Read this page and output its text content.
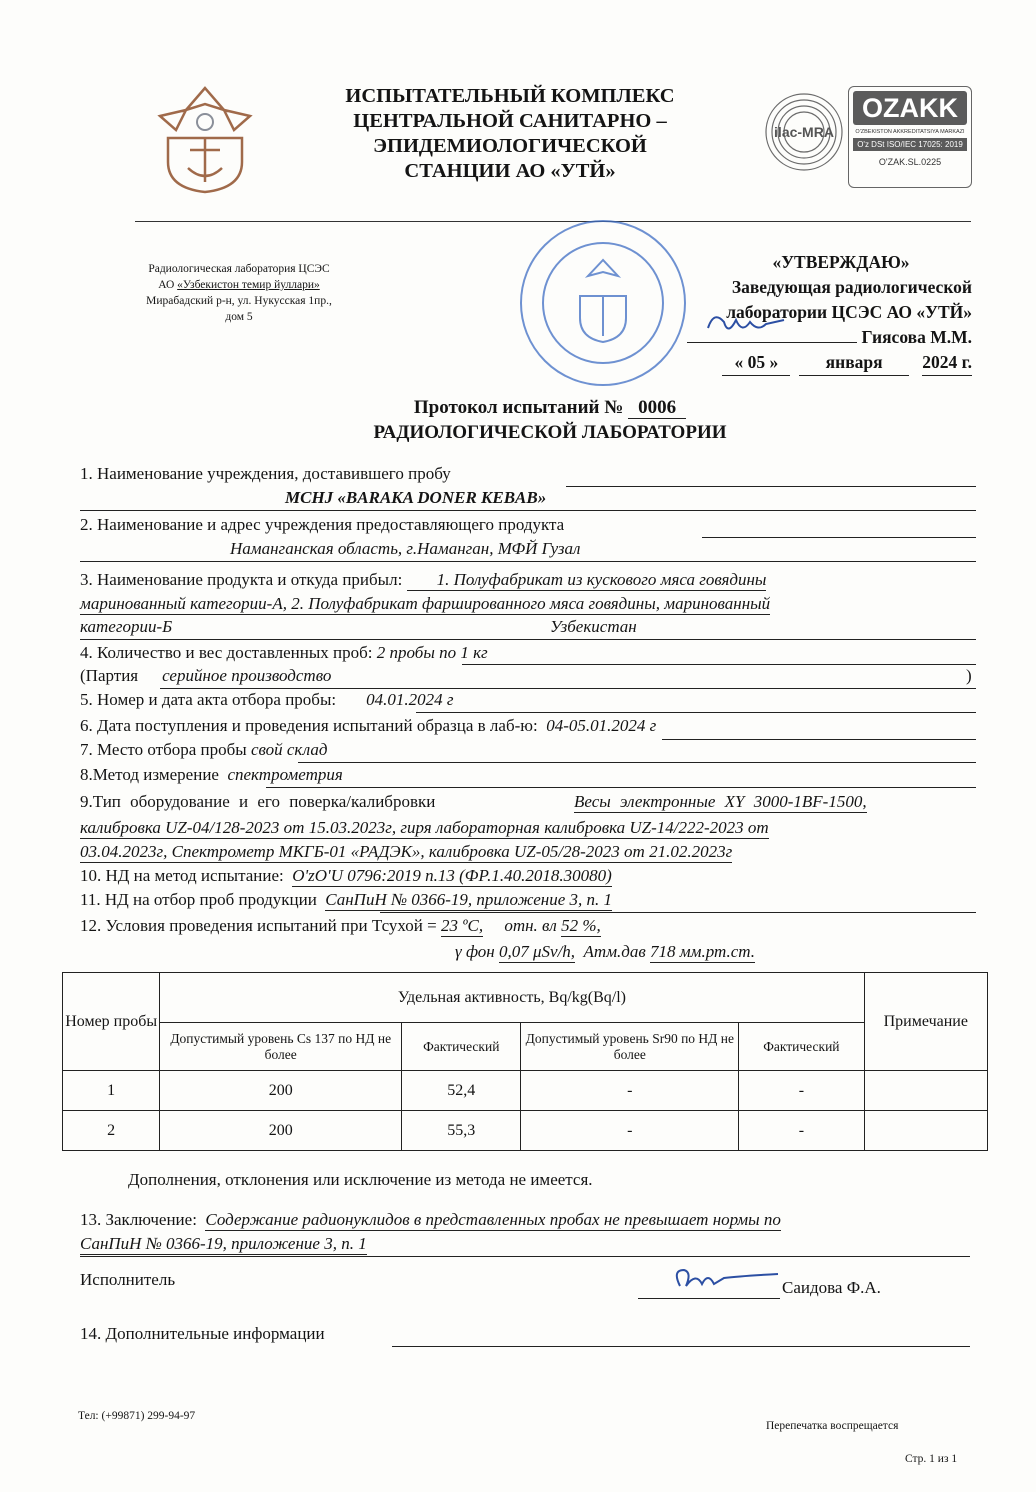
ИСПЫТАТЕЛЬНЫЙ КОМПЛЕКС
ЦЕНТРАЛЬНОЙ САНИТАРНО –
ЭПИДЕМИОЛОГИЧЕСКОЙ
СТАНЦИИ АО «УТЙ»
ilac-MRA
OZAKK
O'ZBEKISTON AKKREDITATSIYA MARKAZI
O'z DSt ISO/IEC 17025: 2019
O'ZAK.SL.0225
Радиологическая лаборатория ЦСЭС
АО «Узбекистон темир йуллари»
Мирабадский р-н, ул. Нукусская 1пр.,
дом 5
«УТВЕРЖДАЮ»
Заведующая радиологической
лаборатории ЦСЭС АО «УТЙ»
Гиясова М.М.
« 05 »	января 2024 г.
Протокол испытаний № 0006
РАДИОЛОГИЧЕСКОЙ ЛАБОРАТОРИИ
1. Наименование учреждения, доставившего пробу
MCHJ «BARAKA DONER KEBAB»
2. Наименование и адрес учреждения предоставляющего продукта
Наманганская область, г.Наманган, МФЙ Гузал
3. Наименование продукта и откуда прибыл: 1. Полуфабрикат из кускового мяса говядины
маринованный категории-А, 2. Полуфабрикат фаршированного мяса говядины, маринованный
категории-Б	Узбекистан
4. Количество и вес доставленных проб: 2 пробы по 1 кг
(Партия серийное производство	)
5. Номер и дата акта отбора пробы: 04.01.2024 г
6. Дата поступления и проведения испытаний образца в лаб-ю: 04-05.01.2024 г
7. Место отбора пробы свой склад
8.Метод измерение спектрометрия
9.Тип оборудование и его поверка/калибровки	Весы электронные XY 3000-1BF-1500,
калибровка UZ-04/128-2023 от 15.03.2023г, гиря лабораторная калибровка UZ-14/222-2023 от
03.04.2023г, Спектрометр МКГБ-01 «РАДЭК», калибровка UZ-05/28-2023 от 21.02.2023г
10. НД на метод испытание: O'zO'U 0796:2019 п.13 (ФР.1.40.2018.30080)
11. НД на отбор проб продукции СанПиН № 0366-19, приложение 3, п. 1
12. Условия проведения испытаний при Тсухой = 23 ºС, отн. вл 52 %,
γ фон 0,07 μSv/h, Атм.дав 718 мм.рт.ст.
Номер пробы	Удельная активность, Bq/kg(Bq/l)				Примечание
	Допустимый уровень Cs 137 по НД не более	Фактический	Допустимый уровень Sr90 по НД не более	Фактический	
1	200	52,4	-	-	
2	200	55,3	-	-	
Дополнения, отклонения или исключение из метода не имеется.
13. Заключение: Содержание радионуклидов в представленных пробах не превышает нормы по
СанПиН № 0366-19, приложение 3, п. 1
Исполнитель	Саидова Ф.А.
14. Дополнительные информации
Тел: (+99871) 299-94-97
Перепечатка воспрещается
Стр. 1 из 1
